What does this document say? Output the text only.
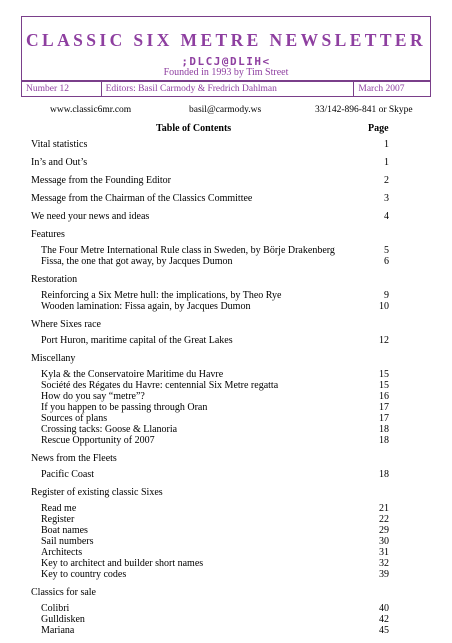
CLASSIC SIX METRE NEWSLETTER
;DLCJ@DLIH<
Founded in 1993 by Tim Street
Number 12	Editors: Basil Carmody & Fredrich Dahlman	March 2007
www.classic6mr.com	basil@carmody.ws	33/142-896-841 or Skype
Table of Contents	Page
Vital statistics	1
In’s and Out’s	1
Message from the Founding Editor	2
Message from the Chairman of the Classics Committee	3
We need your news and ideas	4
Features
The Four Metre International Rule class in Sweden, by Börje Drakenberg	5
Fissa, the one that got away, by Jacques Dumon	6
Restoration
Reinforcing a Six Metre hull: the implications, by Theo Rye	9
Wooden lamination: Fissa again, by Jacques Dumon	10
Where Sixes race
Port Huron, maritime capital of the Great Lakes	12
Miscellany
Kyla & the Conservatoire Maritime du Havre	15
Société des Régates du Havre: centennial Six Metre regatta	15
How do you say “metre”?	16
If you happen to be passing through Oran	17
Sources of plans	17
Crossing tacks: Goose & Llanoria	18
Rescue Opportunity of 2007	18
News from the Fleets
Pacific Coast	18
Register of existing classic Sixes
Read me	21
Register	22
Boat names	29
Sail numbers	30
Architects	31
Key to architect and builder short names	32
Key to country codes	39
Classics for sale
Colibri	40
Gulldisken	42
Mariana	45
